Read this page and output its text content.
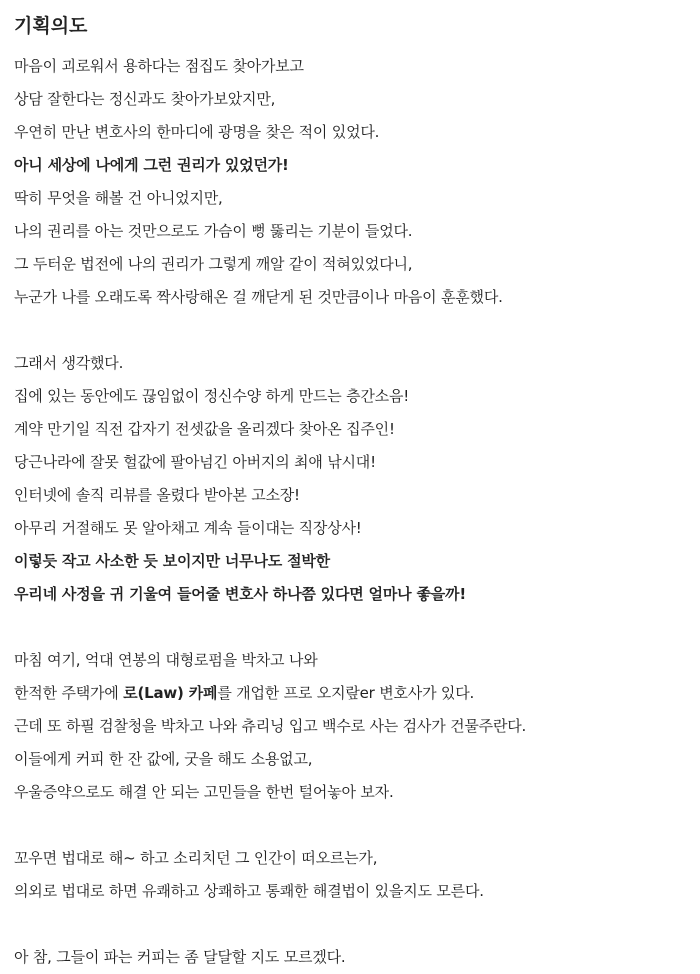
기획의도

마음이 괴로워서 용하다는 점집도 찾아가보고

상담 잘한다는 정신과도 찾아가보았지만,

우연히 만난 변호사의 한마디에 광명을 찾은 적이 있었다.

아니 세상에 나에게 그런 권리가 있었던가!

딱히 무엇을 해볼 건 아니었지만,

나의 권리를 아는 것만으로도 가슴이 뻥 뚫리는 기분이 들었다.

그 두터운 법전에 나의 권리가 그렇게 깨알 같이 적혀있었다니,

누군가 나를 오래도록 짝사랑해온 걸 깨닫게 된 것만큼이나 마음이 훈훈했다.

그래서 생각했다.

집에 있는 동안에도 끊임없이 정신수양 하게 만드는 층간소음!

계약 만기일 직전 갑자기 전셋값을 올리겠다 찾아온 집주인!

당근나라에 잘못 헐값에 팔아넘긴 아버지의 최애 낚시대!

인터넷에 솔직 리뷰를 올렸다 받아본 고소장!

아무리 거절해도 못 알아채고 계속 들이대는 직장상사!

이렇듯 작고 사소한 듯 보이지만 너무나도 절박한

우리네 사정을 귀 기울여 들어줄 변호사 하나쯤 있다면 얼마나 좋을까!

마침 여기, 억대 연봉의 대형로펌을 박차고 나와

한적한 주택가에 로(Law) 카페를 개업한 프로 오지랖er 변호사가 있다.

근데 또 하필 검찰청을 박차고 나와 츄리닝 입고 백수로 사는 검사가 건물주란다.

이들에게 커피 한 잔 값에, 굿을 해도 소용없고,

우울증약으로도 해결 안 되는 고민들을 한번 털어놓아 보자.

꼬우면 법대로 해~ 하고 소리치던 그 인간이 떠오르는가,

의외로 법대로 하면 유쾌하고 상쾌하고 통쾌한 해결법이 있을지도 모른다.

아 참, 그들이 파는 커피는 좀 달달할 지도 모르겠다.
